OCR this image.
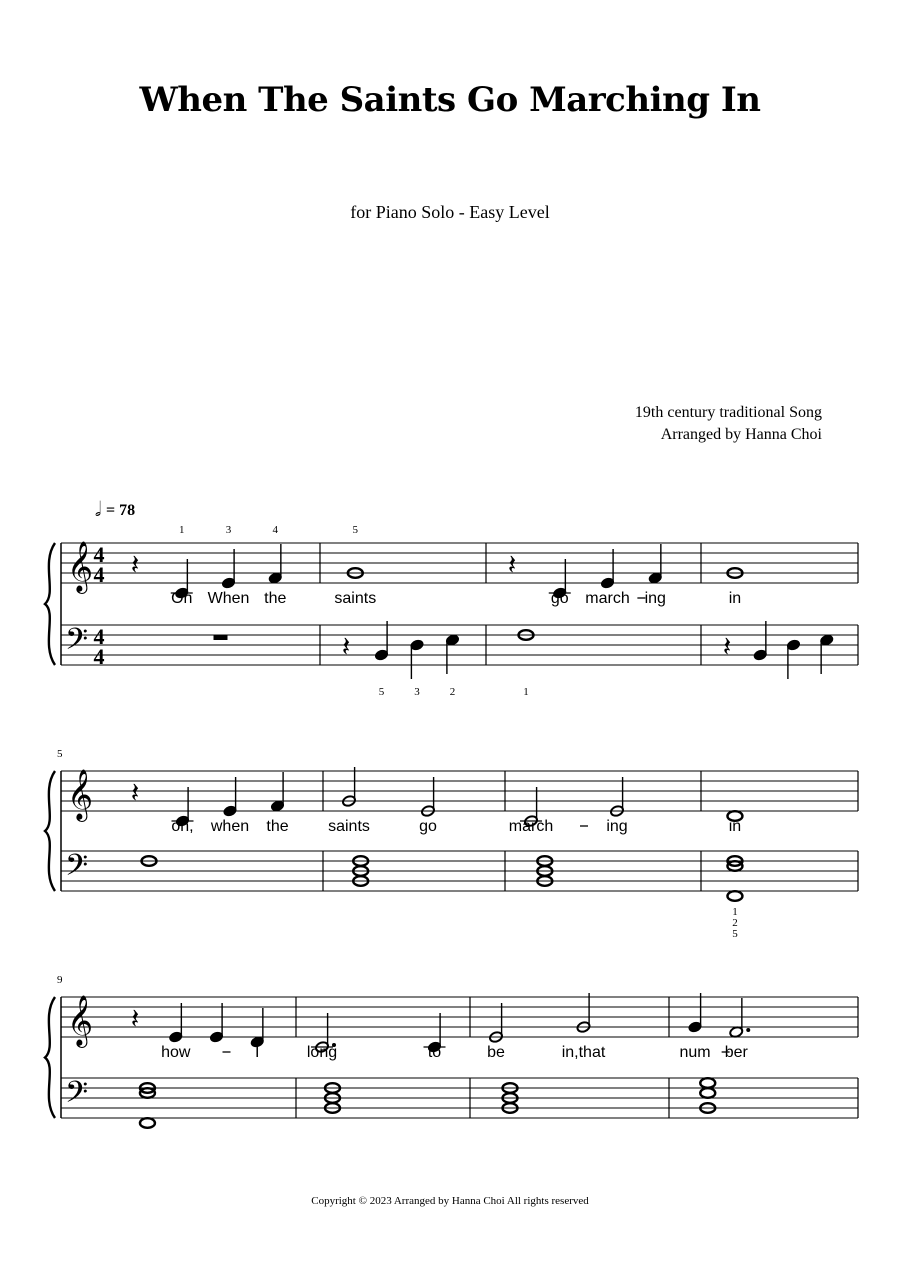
When The Saints Go Marching In
for Piano Solo - Easy Level
19th century traditional Song
Arranged by Hanna Choi
Copyright © 2023 Arranged by Hanna Choi All rights reserved
𝄞
𝄢
4
4
4
4
𝅗𝅥 = 78
𝄽
1
Oh
3
When
4
the
5
saints
𝄽
go march ing	in
𝄽
5	3	2	1
𝄽
𝄞
𝄢
5
𝄽
oh, when the saints	go	march	ing	in
1
2
5
𝄞
𝄢
9
𝄽
how	I	long	to	be	in,that	num ber
